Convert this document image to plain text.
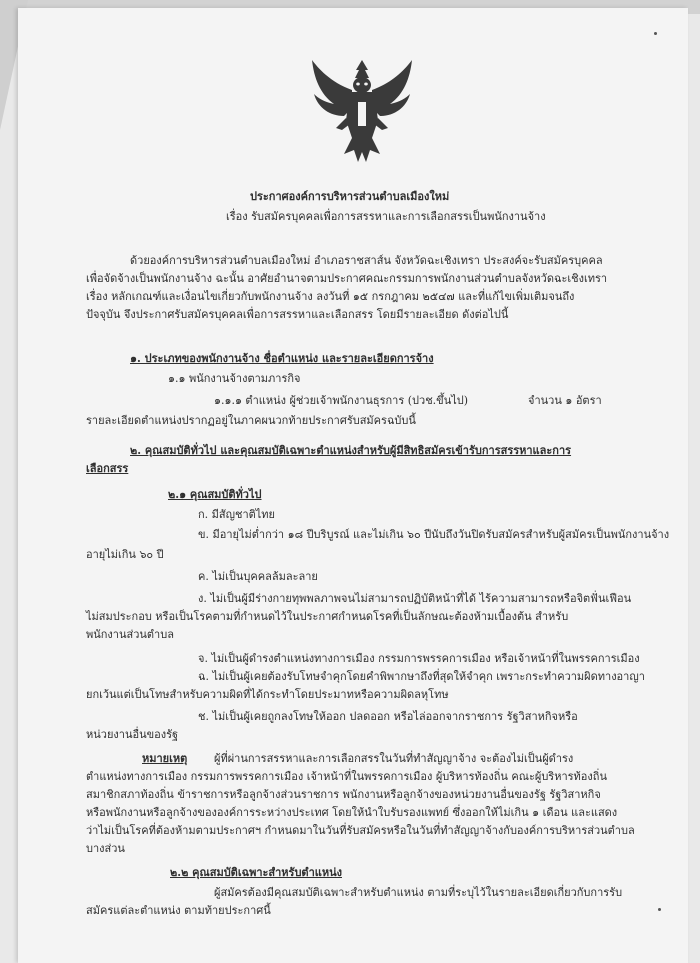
ประกาศองค์การบริหารส่วนตำบลเมืองใหม่
เรื่อง รับสมัครบุคคลเพื่อการสรรหาและการเลือกสรรเป็นพนักงานจ้าง
ด้วยองค์การบริหารส่วนตำบลเมืองใหม่ อำเภอราชสาส์น จังหวัดฉะเชิงเทรา ประสงค์จะรับสมัครบุคคล
เพื่อจัดจ้างเป็นพนักงานจ้าง ฉะนั้น อาศัยอำนาจตามประกาศคณะกรรมการพนักงานส่วนตำบลจังหวัดฉะเชิงเทรา
เรื่อง หลักเกณฑ์และเงื่อนไขเกี่ยวกับพนักงานจ้าง ลงวันที่ ๑๕ กรกฎาคม ๒๕๔๗ และที่แก้ไขเพิ่มเติมจนถึง
ปัจจุบัน จึงประกาศรับสมัครบุคคลเพื่อการสรรหาและเลือกสรร โดยมีรายละเอียด ดังต่อไปนี้
๑. ประเภทของพนักงานจ้าง ชื่อตำแหน่ง และรายละเอียดการจ้าง
๑.๑ พนักงานจ้างตามภารกิจ
๑.๑.๑ ตำแหน่ง ผู้ช่วยเจ้าพนักงานธุรการ (ปวช.ขึ้นไป)	จำนวน ๑ อัตรา
รายละเอียดตำแหน่งปรากฏอยู่ในภาคผนวกท้ายประกาศรับสมัครฉบับนี้
๒. คุณสมบัติทั่วไป และคุณสมบัติเฉพาะตำแหน่งสำหรับผู้มีสิทธิสมัครเข้ารับการสรรหาและการ
เลือกสรร
๒.๑ คุณสมบัติทั่วไป
ก. มีสัญชาติไทย
ข. มีอายุไม่ต่ำกว่า ๑๘ ปีบริบูรณ์ และไม่เกิน ๖๐ ปีนับถึงวันปิดรับสมัครสำหรับผู้สมัครเป็นพนักงานจ้าง
อายุไม่เกิน ๖๐ ปี
ค. ไม่เป็นบุคคลล้มละลาย
ง. ไม่เป็นผู้มีร่างกายทุพพลภาพจนไม่สามารถปฏิบัติหน้าที่ได้ ไร้ความสามารถหรือจิตฟั่นเฟือน
ไม่สมประกอบ หรือเป็นโรคตามที่กำหนดไว้ในประกาศกำหนดโรคที่เป็นลักษณะต้องห้ามเบื้องต้น สำหรับ
พนักงานส่วนตำบล
จ. ไม่เป็นผู้ดำรงตำแหน่งทางการเมือง กรรมการพรรคการเมือง หรือเจ้าหน้าที่ในพรรคการเมือง
ฉ. ไม่เป็นผู้เคยต้องรับโทษจำคุกโดยคำพิพากษาถึงที่สุดให้จำคุก เพราะกระทำความผิดทางอาญา
ยกเว้นแต่เป็นโทษสำหรับความผิดที่ได้กระทำโดยประมาทหรือความผิดลหุโทษ
ช. ไม่เป็นผู้เคยถูกลงโทษให้ออก ปลดออก หรือไล่ออกจากราชการ รัฐวิสาหกิจหรือ
หน่วยงานอื่นของรัฐ
หมายเหตุ ผู้ที่ผ่านการสรรหาและการเลือกสรรในวันที่ทำสัญญาจ้าง จะต้องไม่เป็นผู้ดำรง
ตำแหน่งทางการเมือง กรรมการพรรคการเมือง เจ้าหน้าที่ในพรรคการเมือง ผู้บริหารท้องถิ่น คณะผู้บริหารท้องถิ่น
สมาชิกสภาท้องถิ่น ข้าราชการหรือลูกจ้างส่วนราชการ พนักงานหรือลูกจ้างของหน่วยงานอื่นของรัฐ รัฐวิสาหกิจ
หรือพนักงานหรือลูกจ้างขององค์การระหว่างประเทศ โดยให้นำใบรับรองแพทย์ ซึ่งออกให้ไม่เกิน ๑ เดือน และแสดง
ว่าไม่เป็นโรคที่ต้องห้ามตามประกาศฯ กำหนดมาในวันที่รับสมัครหรือในวันที่ทำสัญญาจ้างกับองค์การบริหารส่วนตำบล
บางส่วน
๒.๒ คุณสมบัติเฉพาะสำหรับตำแหน่ง
ผู้สมัครต้องมีคุณสมบัติเฉพาะสำหรับตำแหน่ง ตามที่ระบุไว้ในรายละเอียดเกี่ยวกับการรับ
สมัครแต่ละตำแหน่ง ตามท้ายประกาศนี้
